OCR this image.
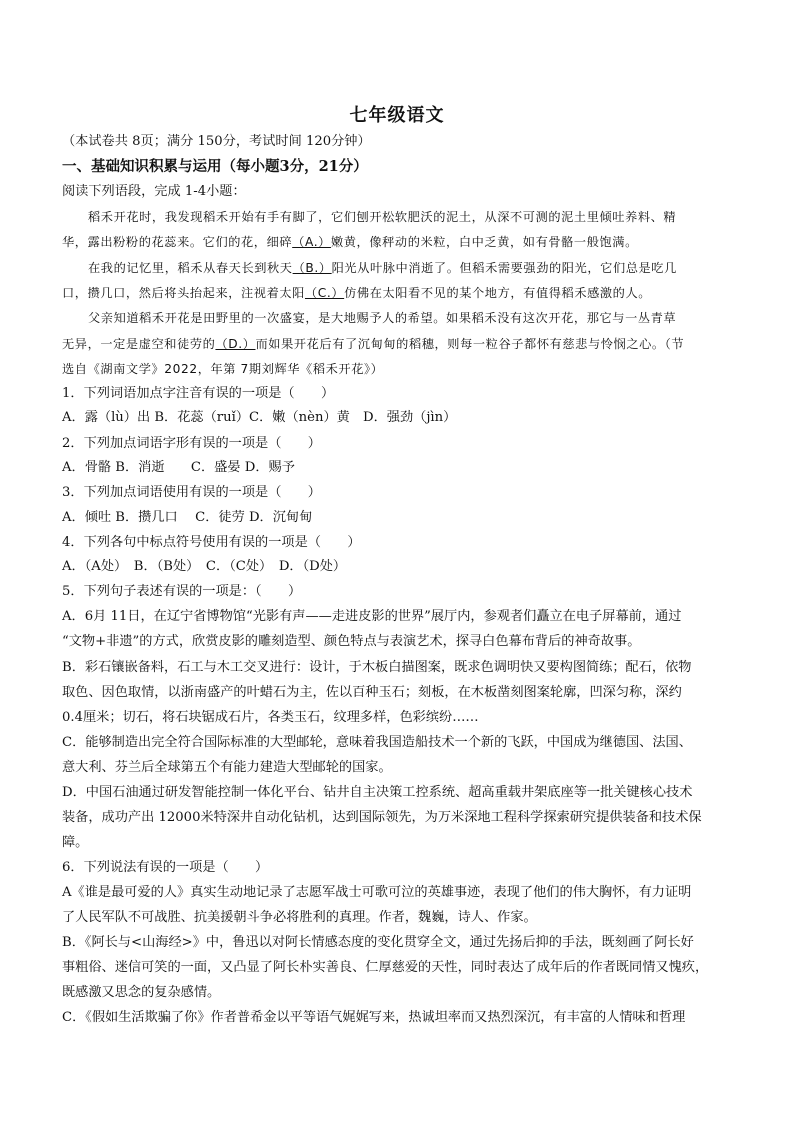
七年级语文
（本试卷共 8页；满分 150分，考试时间 120分钟）
一、基础知识积累与运用（每小题3分，21分）
阅读下列语段，完成 1-4小题：
稻禾开花时，我发现稻禾开始有手有脚了，它们刨开松软肥沃的泥土，从深不可测的泥土里倾吐养料、精
华，露出粉粉的花蕊来。它们的花，细碎（A.）嫩黄，像秤动的米粒，白中乏黄，如有骨骼一般饱满。
在我的记忆里，稻禾从春天长到秋天（B.）阳光从叶脉中消逝了。但稻禾需要强劲的阳光，它们总是吃几
口，攒几口，然后将头抬起来，注视着太阳（C.）仿佛在太阳看不见的某个地方，有值得稻禾感激的人。
父亲知道稻禾开花是田野里的一次盛宴，是大地赐予人的希望。如果稻禾没有这次开花，那它与一丛青草
无异，一定是虚空和徒劳的（D.）而如果开花后有了沉甸甸的稻穗，则每一粒谷子都怀有慈悲与怜悯之心。（节
选自《湖南文学》2022，年第 7期刘辉华《稻禾开花》）
1．下列词语加点字注音有误的一项是（　　）
A．露（lù）出 B．花蕊（ruǐ）C．嫩（nèn）黄　D．强劲（jìn）
2．下列加点词语字形有误的一项是（　　）
A．骨骼 B．消逝　　C．盛晏 D．赐予
3．下列加点词语使用有误的一项是（　　）
A．倾吐 B．攒几口　 C．徒劳 D．沉甸甸
4．下列各句中标点符号使用有误的一项是（　　）
A．（A处）　B．（B处）　C．（C处）　D．（D处）
5．下列句子表述有误的一项是：（　　）
A．6月 11日，在辽宁省博物馆“光影有声——走进皮影的世界”展厅内，参观者们矗立在电子屏幕前，通过
“文物+非遗”的方式，欣赏皮影的雕刻造型、颜色特点与表演艺术，探寻白色幕布背后的神奇故事。
B．彩石镶嵌备料，石工与木工交叉进行：设计，于木板白描图案，既求色调明快又要构图简练；配石，依物
取色、因色取情，以浙南盛产的叶蜡石为主，佐以百种玉石；刻板，在木板凿刻图案轮廓，凹深匀称，深约
0.4厘米；切石，将石块锯成石片，各类玉石，纹理多样，色彩缤纷……
C．能够制造出完全符合国际标准的大型邮轮，意味着我国造船技术一个新的飞跃，中国成为继德国、法国、
意大利、芬兰后全球第五个有能力建造大型邮轮的国家。
D．中国石油通过研发智能控制一体化平台、钻井自主决策工控系统、超高重载井架底座等一批关键核心技术
装备，成功产出 12000米特深井自动化钻机，达到国际领先，为万米深地工程科学探索研究提供装备和技术保
障。
6．下列说法有误的一项是（　　）
A《谁是最可爱的人》真实生动地记录了志愿军战士可歌可泣的英雄事迹，表现了他们的伟大胸怀，有力证明
了人民军队不可战胜、抗美援朝斗争必将胜利的真理。作者，魏巍，诗人、作家。
B．《阿长与<山海经>》中，鲁迅以对阿长情感态度的变化贯穿全文，通过先扬后抑的手法，既刻画了阿长好
事粗俗、迷信可笑的一面，又凸显了阿长朴实善良、仁厚慈爱的天性，同时表达了成年后的作者既同情又愧疚，
既感激又思念的复杂感情。
C．《假如生活欺骗了你》作者普希金以平等语气娓娓写来，热诚坦率而又热烈深沉，有丰富的人情味和哲理
